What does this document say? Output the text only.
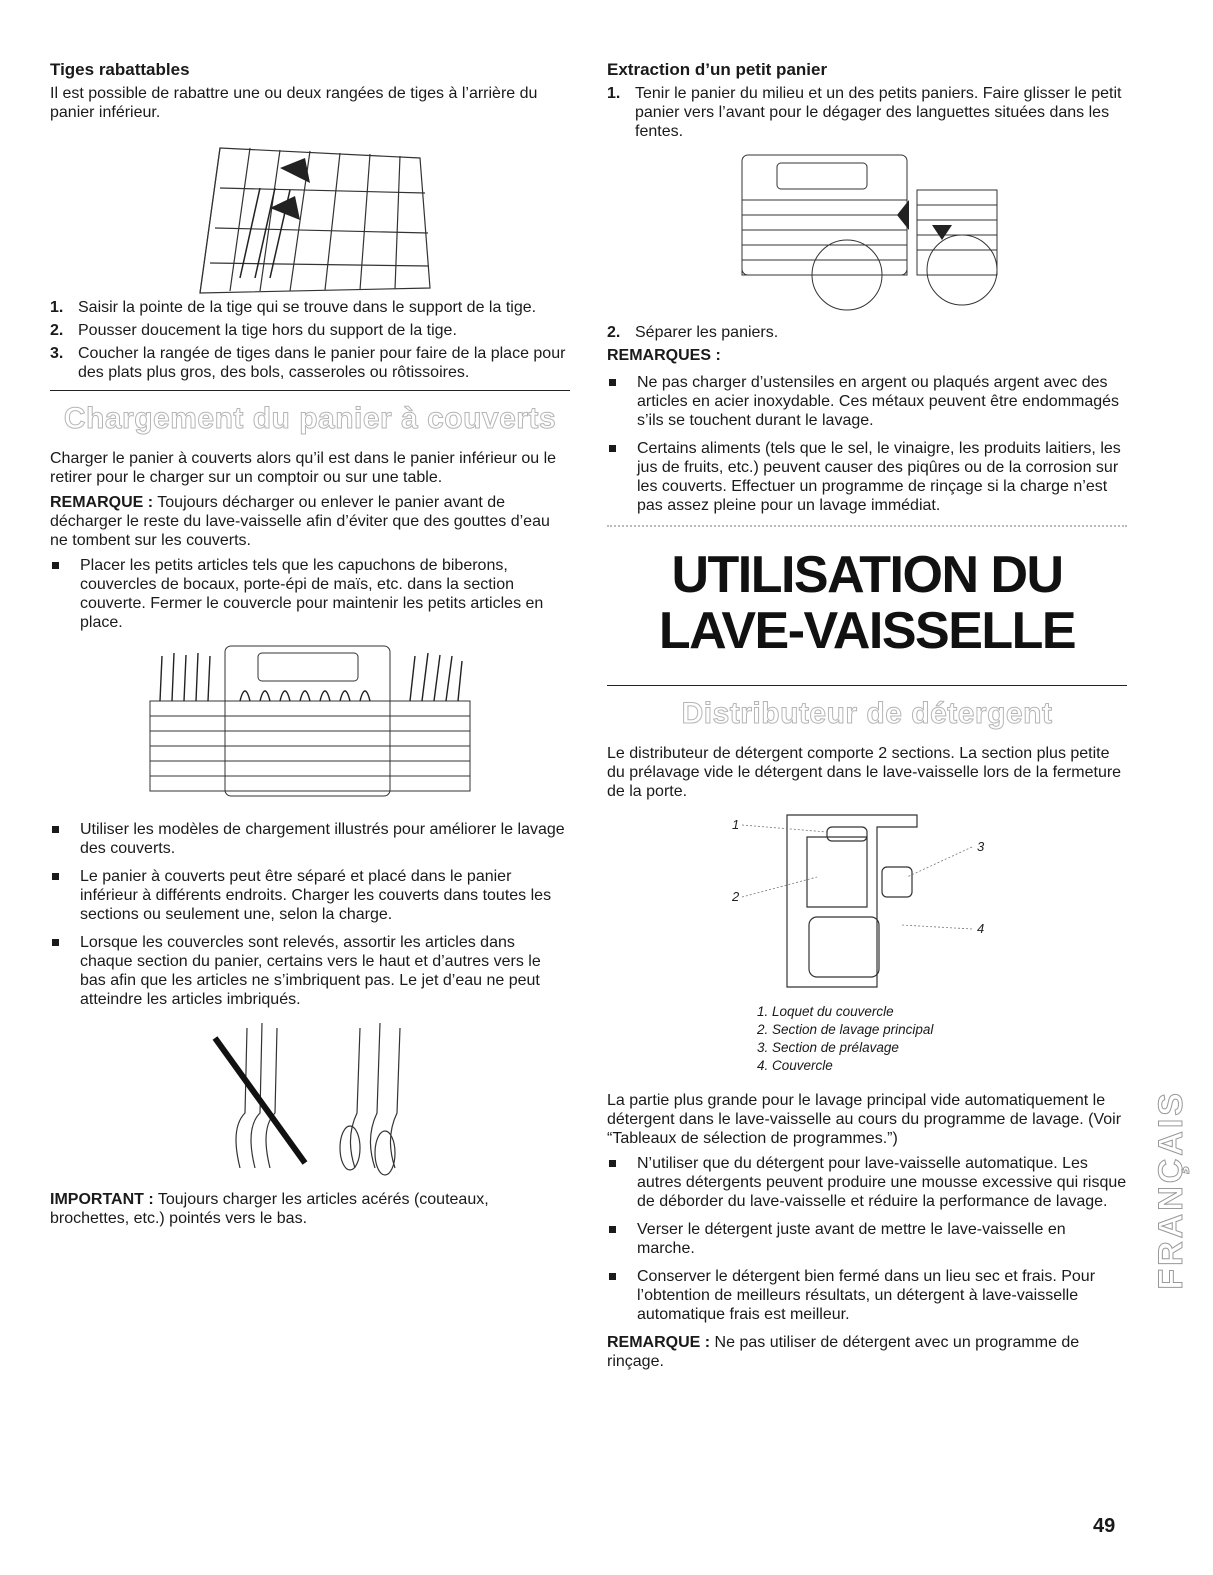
Tiges rabattables

Il est possible de rabattre une ou deux rangées de tiges à l’arrière du panier inférieur.

1. Saisir la pointe de la tige qui se trouve dans le support de la tige.
2. Pousser doucement la tige hors du support de la tige.
3. Coucher la rangée de tiges dans le panier pour faire de la place pour des plats plus gros, des bols, casseroles ou rôtissoires.
Chargement du panier à couverts

Charger le panier à couverts alors qu’il est dans le panier inférieur ou le retirer pour le charger sur un comptoir ou sur une table.

REMARQUE : Toujours décharger ou enlever le panier avant de décharger le reste du lave-vaisselle afin d’éviter que des gouttes d’eau ne tombent sur les couverts.

Placer les petits articles tels que les capuchons de biberons, couvercles de bocaux, porte-épi de maïs, etc. dans la section couverte. Fermer le couvercle pour maintenir les petits articles en place.
Utiliser les modèles de chargement illustrés pour améliorer le lavage des couverts.
Le panier à couverts peut être séparé et placé dans le panier inférieur à différents endroits. Charger les couverts dans toutes les sections ou seulement une, selon la charge.
Lorsque les couvercles sont relevés, assortir les articles dans chaque section du panier, certains vers le haut et d’autres vers le bas afin que les articles ne s’imbriquent pas. Le jet d’eau ne peut atteindre les articles imbriqués.

IMPORTANT : Toujours charger les articles acérés (couteaux, brochettes, etc.) pointés vers le bas.

Extraction d’un petit panier
1. Tenir le panier du milieu et un des petits paniers. Faire glisser le petit panier vers l’avant pour le dégager des languettes situées dans les fentes.
2. Séparer les paniers.

REMARQUES :

Ne pas charger d’ustensiles en argent ou plaqués argent avec des articles en acier inoxydable. Ces métaux peuvent être endommagés s’ils se touchent durant le lavage.
Certains aliments (tels que le sel, le vinaigre, les produits laitiers, les jus de fruits, etc.) peuvent causer des piqûres ou de la corrosion sur les couverts. Effectuer un programme de rinçage si la charge n’est pas assez pleine pour un lavage immédiat.
UTILISATION DU
LAVE-VAISSELLE
Distributeur de détergent

Le distributeur de détergent comporte 2 sections. La section plus petite du prélavage vide le détergent dans le lave-vaisselle lors de la fermeture de la porte.

1
2
3
4
1. Loquet du couvercle
2. Section de lavage principal
3. Section de prélavage
4. Couvercle

La partie plus grande pour le lavage principal vide automatiquement le détergent dans le lave-vaisselle au cours du programme de lavage. (Voir “Tableaux de sélection de programmes.”)

N’utiliser que du détergent pour lave-vaisselle automatique. Les autres détergents peuvent produire une mousse excessive qui risque de déborder du lave-vaisselle et réduire la performance de lavage.
Verser le détergent juste avant de mettre le lave-vaisselle en marche.
Conserver le détergent bien fermé dans un lieu sec et frais. Pour l’obtention de meilleurs résultats, un détergent à lave-vaisselle automatique frais est meilleur.

REMARQUE : Ne pas utiliser de détergent avec un programme de rinçage.

FRANÇAIS
49
